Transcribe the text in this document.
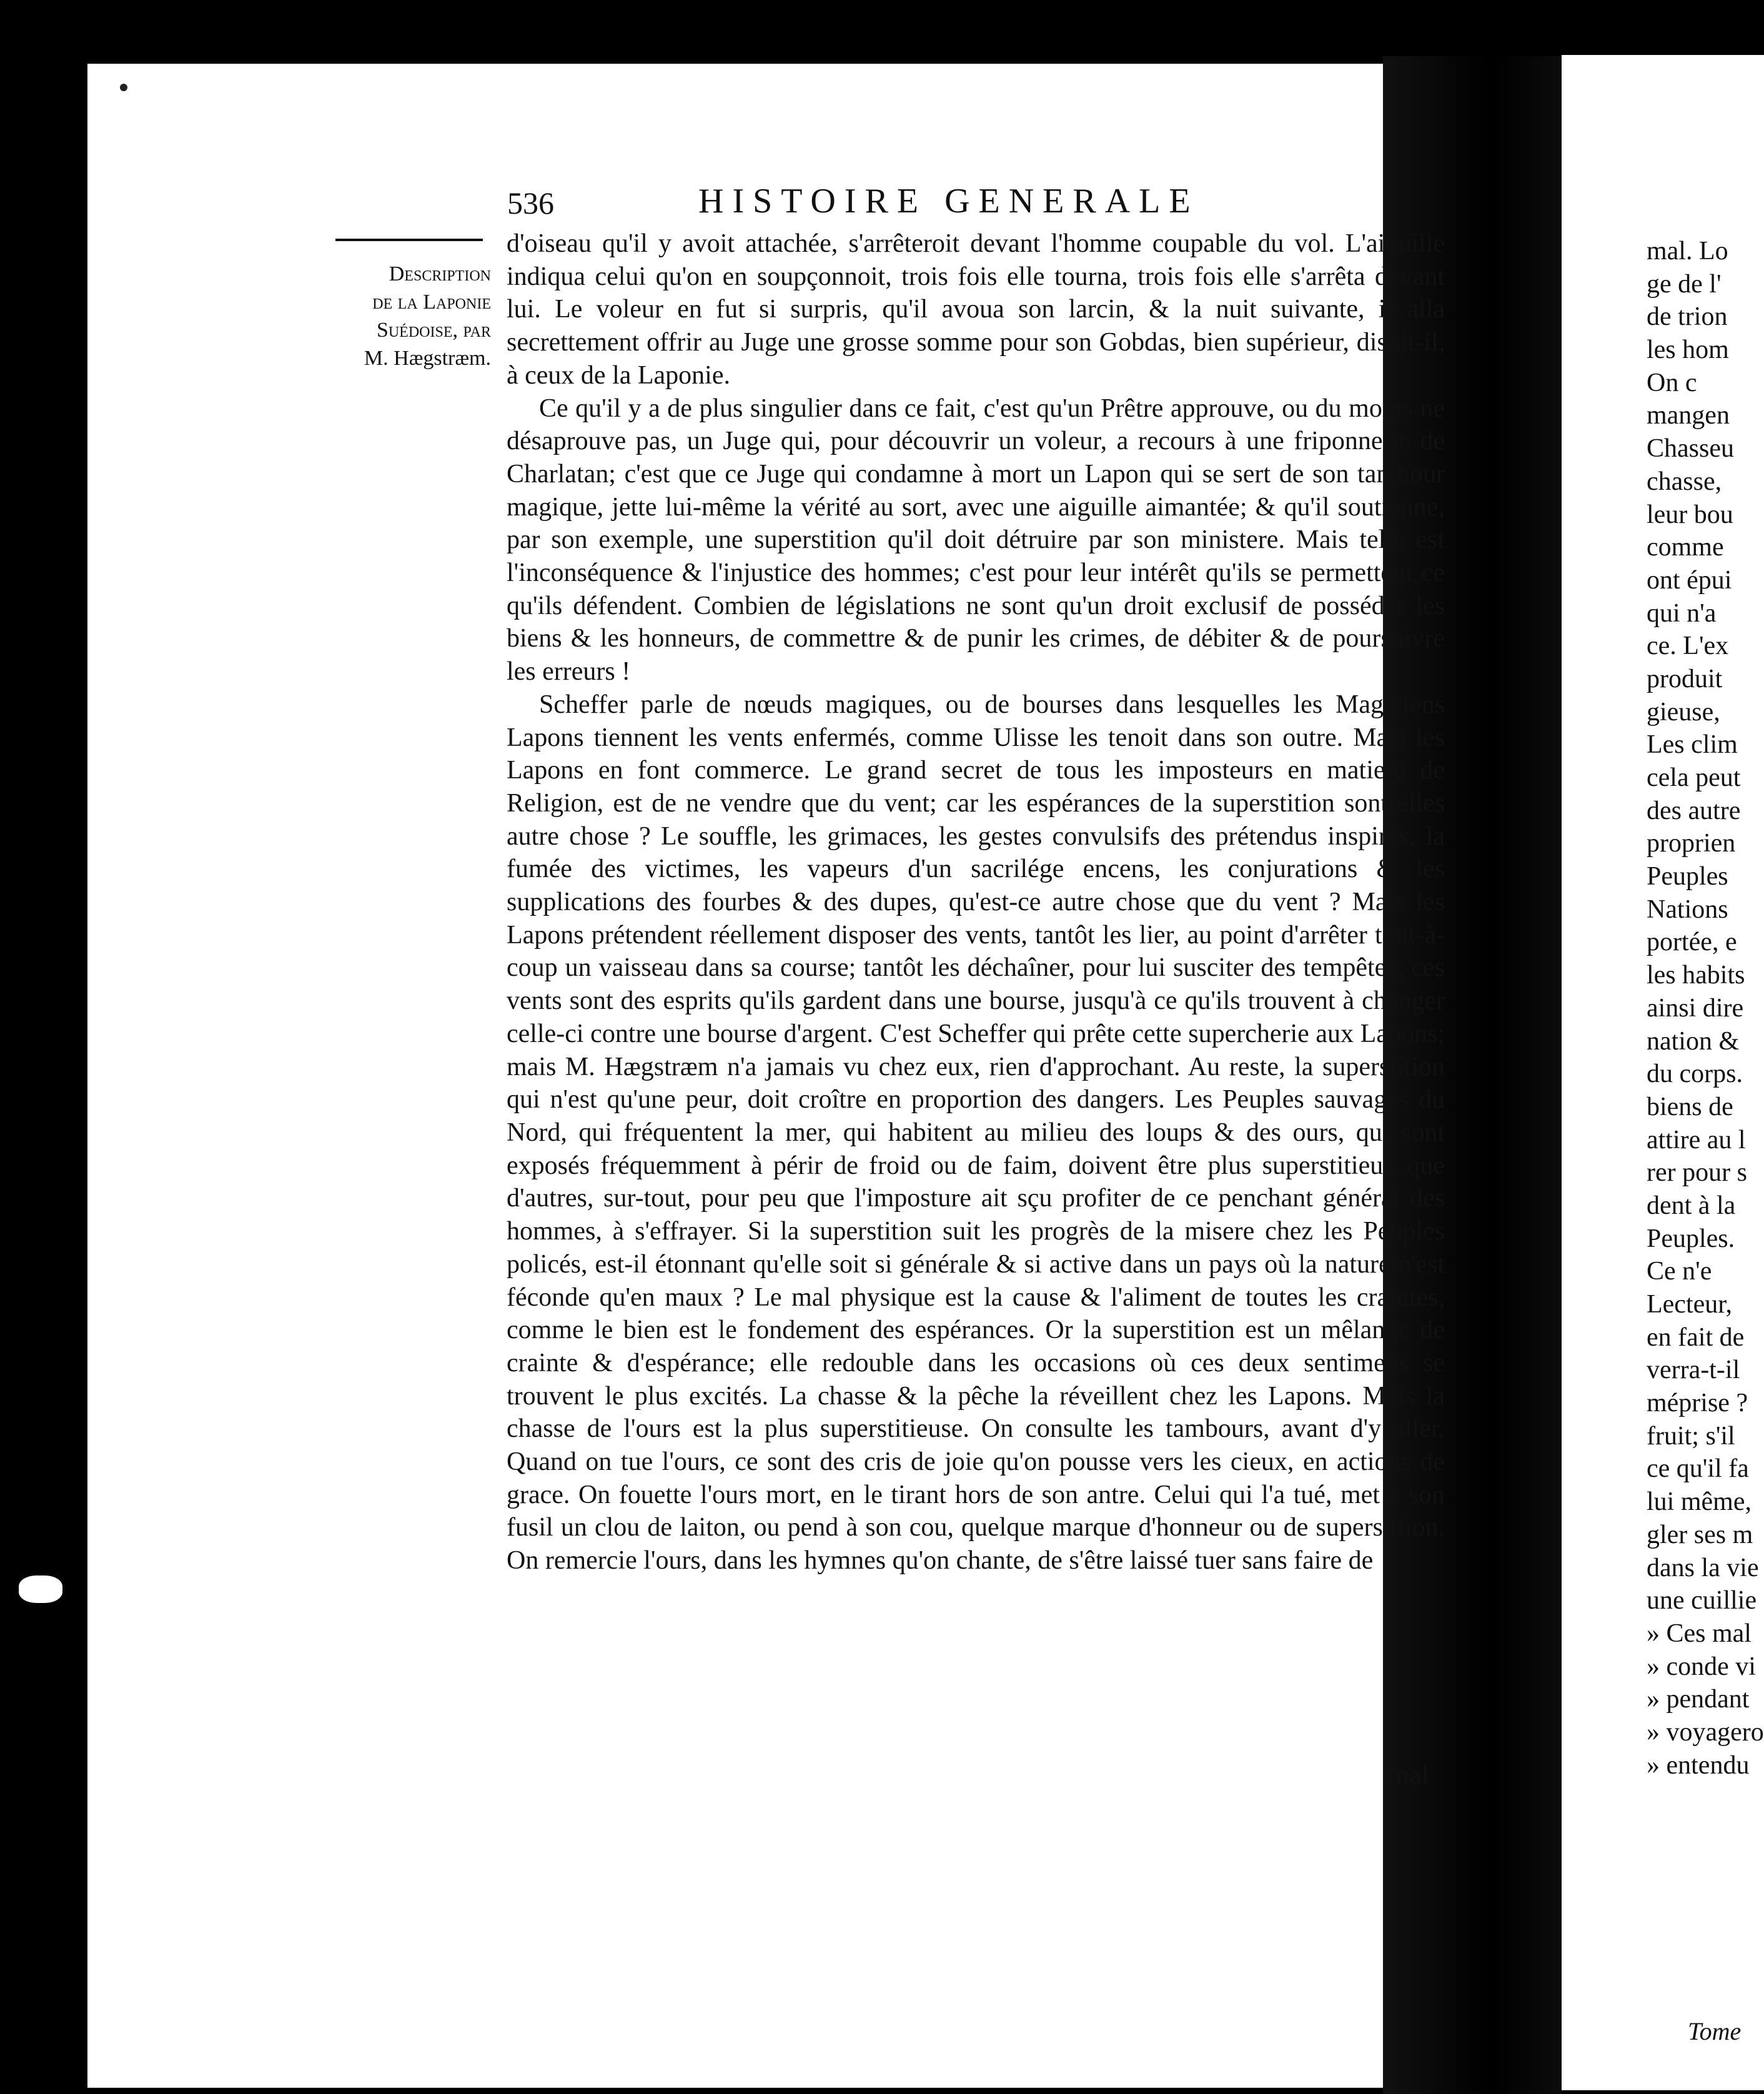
536	HISTOIRE GENERALE
Description
de la Laponie
Suédoise, par
M. Hægstræm.

d'oiseau qu'il y avoit attachée, s'arrêteroit devant l'homme coupable du vol. L'aiguille indiqua celui qu'on en soupçonnoit, trois fois elle tourna, trois fois elle s'arrêta devant lui. Le voleur en fut si surpris, qu'il avoua son larcin, & la nuit suivante, il alla secrettement offrir au Juge une grosse somme pour son Gobdas, bien supérieur, disoit-il, à ceux de la Laponie.

Ce qu'il y a de plus singulier dans ce fait, c'est qu'un Prêtre approuve, ou du moins ne désaprouve pas, un Juge qui, pour découvrir un voleur, a recours à une friponnerie de Charlatan; c'est que ce Juge qui condamne à mort un Lapon qui se sert de son tambour magique, jette lui-même la vérité au sort, avec une aiguille aimantée; & qu'il soutienne, par son exemple, une superstition qu'il doit détruire par son ministere. Mais telle est l'inconséquence & l'injustice des hommes; c'est pour leur intérêt qu'ils se permettent ce qu'ils défendent. Combien de législations ne sont qu'un droit exclusif de posséder les biens & les honneurs, de commettre & de punir les crimes, de débiter & de poursuivre les erreurs !

Scheffer parle de nœuds magiques, ou de bourses dans lesquelles les Magiciens Lapons tiennent les vents enfermés, comme Ulisse les tenoit dans son outre. Mais les Lapons en font commerce. Le grand secret de tous les imposteurs en matiere de Religion, est de ne vendre que du vent; car les espérances de la superstition sont-elles autre chose ? Le souffle, les grimaces, les gestes convulsifs des prétendus inspirés, la fumée des victimes, les vapeurs d'un sacrilége encens, les conjurations & les supplications des fourbes & des dupes, qu'est-ce autre chose que du vent ? Mais les Lapons prétendent réellement disposer des vents, tantôt les lier, au point d'arrêter tout-à-coup un vaisseau dans sa course; tantôt les déchaîner, pour lui susciter des tempêtes; ces vents sont des esprits qu'ils gardent dans une bourse, jusqu'à ce qu'ils trouvent à changer celle-ci contre une bourse d'argent. C'est Scheffer qui prête cette supercherie aux Lapons; mais M. Hægstræm n'a jamais vu chez eux, rien d'approchant. Au reste, la superstition qui n'est qu'une peur, doit croître en proportion des dangers. Les Peuples sauvages du Nord, qui fréquentent la mer, qui habitent au milieu des loups & des ours, qui sont exposés fréquemment à périr de froid ou de faim, doivent être plus superstitieux que d'autres, sur-tout, pour peu que l'imposture ait sçu profiter de ce penchant général des hommes, à s'effrayer. Si la superstition suit les progrès de la misere chez les Peuples policés, est-il étonnant qu'elle soit si générale & si active dans un pays où la nature n'est féconde qu'en maux ? Le mal physique est la cause & l'aliment de toutes les craintes, comme le bien est le fondement des espérances. Or la superstition est un mêlange de crainte & d'espérance; elle redouble dans les occasions où ces deux sentimens se trouvent le plus excités. La chasse & la pêche la réveillent chez les Lapons. Mais la chasse de l'ours est la plus superstitieuse. On consulte les tambours, avant d'y aller. Quand on tue l'ours, ce sont des cris de joie qu'on pousse vers les cieux, en actions de grace. On fouette l'ours mort, en le tirant hors de son antre. Celui qui l'a tué, met à son fusil un clou de laiton, ou pend à son cou, quelque marque d'honneur ou de superstition. On remercie l'ours, dans les hymnes qu'on chante, de s'être laissé tuer sans faire de

mal
mal. Lo
ge de l'
de trion
les hom
On c
mangen
Chasseu
chasse,
leur bou
comme
ont épui
qui n'a
ce. L'ex
produit
gieuse,
Les clim
cela peut
des autre
proprien
Peuples
Nations
portée, e
les habits
ainsi dire
nation &
du corps.
biens de
attire au l
rer pour s
dent à la
Peuples.
Ce n'e
Lecteur,
en fait de
verra-t-il
méprise ?
fruit; s'il
ce qu'il fa
lui même,
gler ses m
dans la vie
une cuillie
» Ces mal
» conde vi
» pendant
» voyagero
» entendu
Tome
